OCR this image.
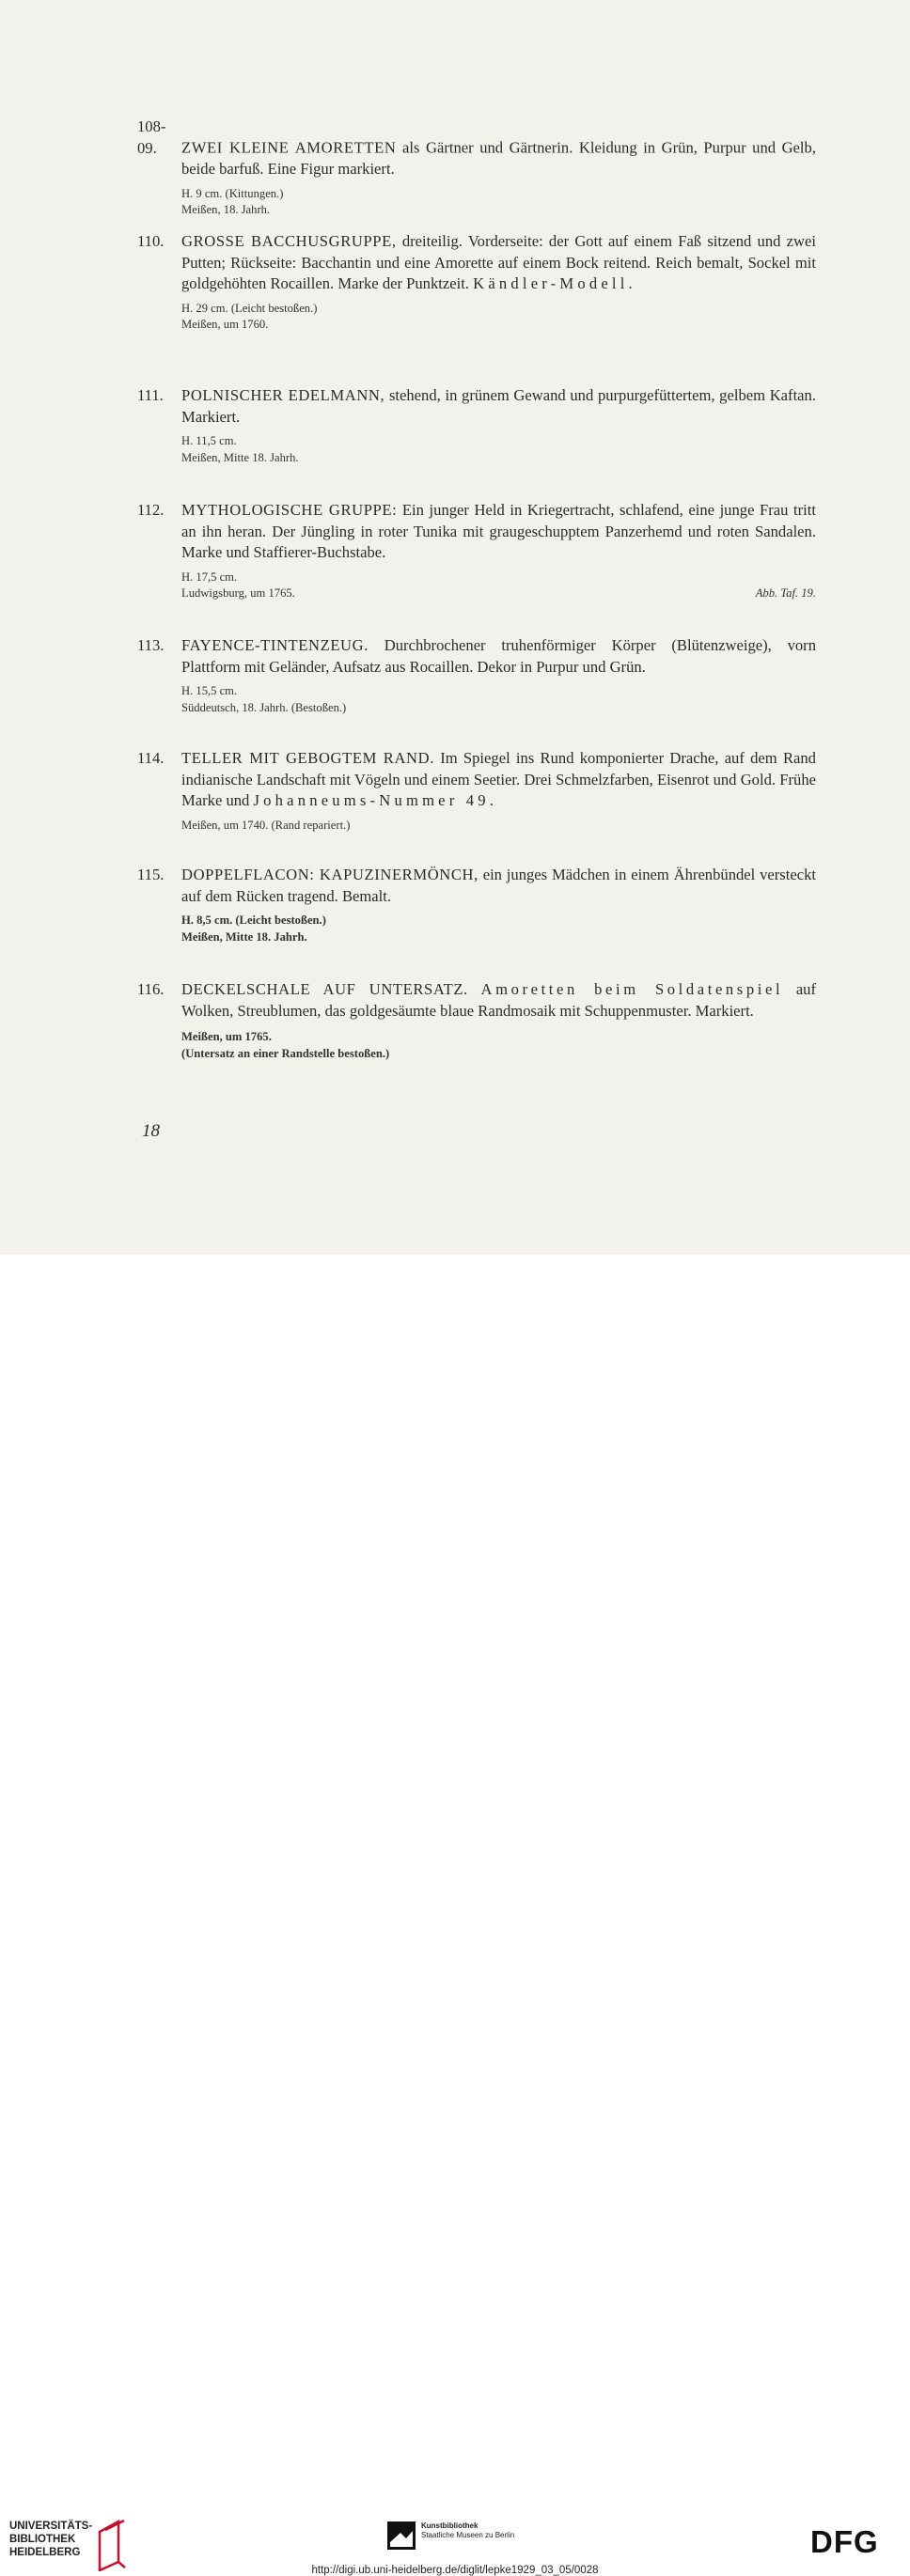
108-09. ZWEI KLEINE AMORETTEN als Gärtner und Gärtnerin. Kleidung in Grün, Purpur und Gelb, beide barfuß. Eine Figur markiert.

H. 9 cm. (Kittungen.)
Meißen, 18. Jahrh.

110. GROSSE BACCHUSGRUPPE, dreiteilig. Vorderseite: der Gott auf einem Faß sitzend und zwei Putten; Rückseite: Bacchantin und eine Amorette auf einem Bock reitend. Reich bemalt, Sockel mit goldgehöhten Rocaillen. Marke der Punktzeit. Kändler-Modell.

H. 29 cm. (Leicht bestoßen.)
Meißen, um 1760.

111. POLNISCHER EDELMANN, stehend, in grünem Gewand und purpurgefüttertem, gelbem Kaftan. Markiert.

H. 11,5 cm.
Meißen, Mitte 18. Jahrh.

112. MYTHOLOGISCHE GRUPPE: Ein junger Held in Kriegertracht, schlafend, eine junge Frau tritt an ihn heran. Der Jüngling in roter Tunika mit graugeschupptem Panzerhemd und roten Sandalen. Marke und Staffierer-Buchstabe.

H. 17,5 cm.
Ludwigsburg, um 1765.	Abb. Taf. 19.

113. FAYENCE-TINTENZEUG. Durchbrochener truhenförmiger Körper (Blütenzweige), vorn Plattform mit Geländer, Aufsatz aus Rocaillen. Dekor in Purpur und Grün.

H. 15,5 cm.
Süddeutsch, 18. Jahrh. (Bestoßen.)

114. TELLER MIT GEBOGTEM RAND. Im Spiegel ins Rund komponierter Drache, auf dem Rand indianische Landschaft mit Vögeln und einem Seetier. Drei Schmelzfarben, Eisenrot und Gold. Frühe Marke und Johanneums-Nummer 49.

Meißen, um 1740. (Rand repariert.)

115. DOPPELFLACON: KAPUZINERMÖNCH, ein junges Mädchen in einem Ährenbündel versteckt auf dem Rücken tragend. Bemalt.

H. 8,5 cm. (Leicht bestoßen.)
Meißen, Mitte 18. Jahrh.

116. DECKELSCHALE AUF UNTERSATZ. Amoretten beim Soldatenspiel auf Wolken, Streublumen, das goldgesäumte blaue Randmosaik mit Schuppenmuster. Markiert.

Meißen, um 1765.
(Untersatz an einer Randstelle bestoßen.)
18
UNIVERSITÄTS-
BIBLIOTHEK
HEIDELBERG
Kunstbibliothek
Staatliche Museen zu Berlin	DFG
http://digi.ub.uni-heidelberg.de/diglit/lepke1929_03_05/0028
